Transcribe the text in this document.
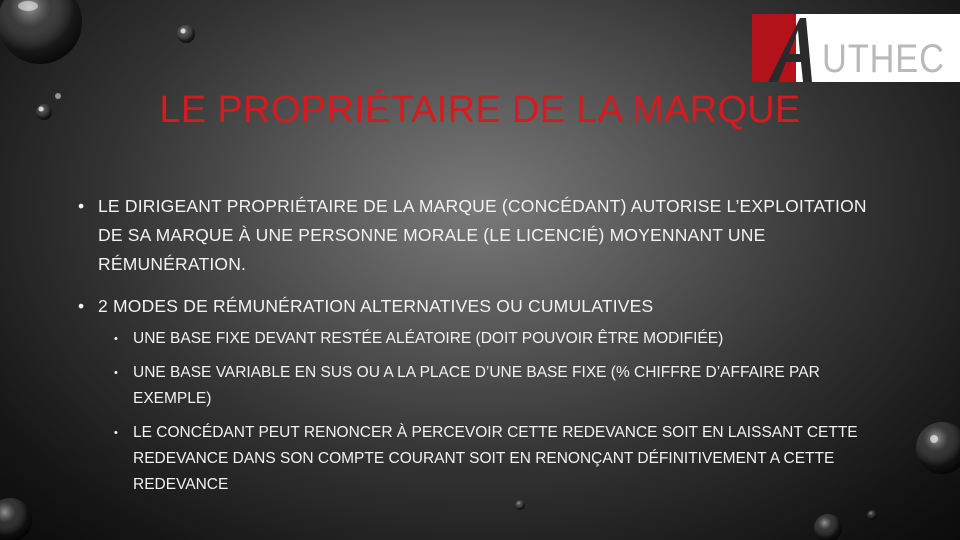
UTHEC
LE PROPRIÉTAIRE DE LA MARQUE
• LE DIRIGEANT PROPRIÉTAIRE DE LA MARQUE (CONCÉDANT) AUTORISE L’EXPLOITATION DE SA MARQUE À UNE PERSONNE MORALE (LE LICENCIÉ) MOYENNANT UNE RÉMUNÉRATION.
• 2 MODES DE RÉMUNÉRATION ALTERNATIVES OU CUMULATIVES
• UNE BASE FIXE DEVANT RESTÉE ALÉATOIRE (DOIT POUVOIR ÊTRE MODIFIÉE)
• UNE BASE VARIABLE EN SUS OU A LA PLACE D’UNE BASE FIXE (% CHIFFRE D’AFFAIRE PAR EXEMPLE)
• LE CONCÉDANT PEUT RENONCER À PERCEVOIR CETTE REDEVANCE SOIT EN LAISSANT CETTE REDEVANCE DANS SON COMPTE COURANT SOIT EN RENONÇANT DÉFINITIVEMENT A CETTE REDEVANCE
